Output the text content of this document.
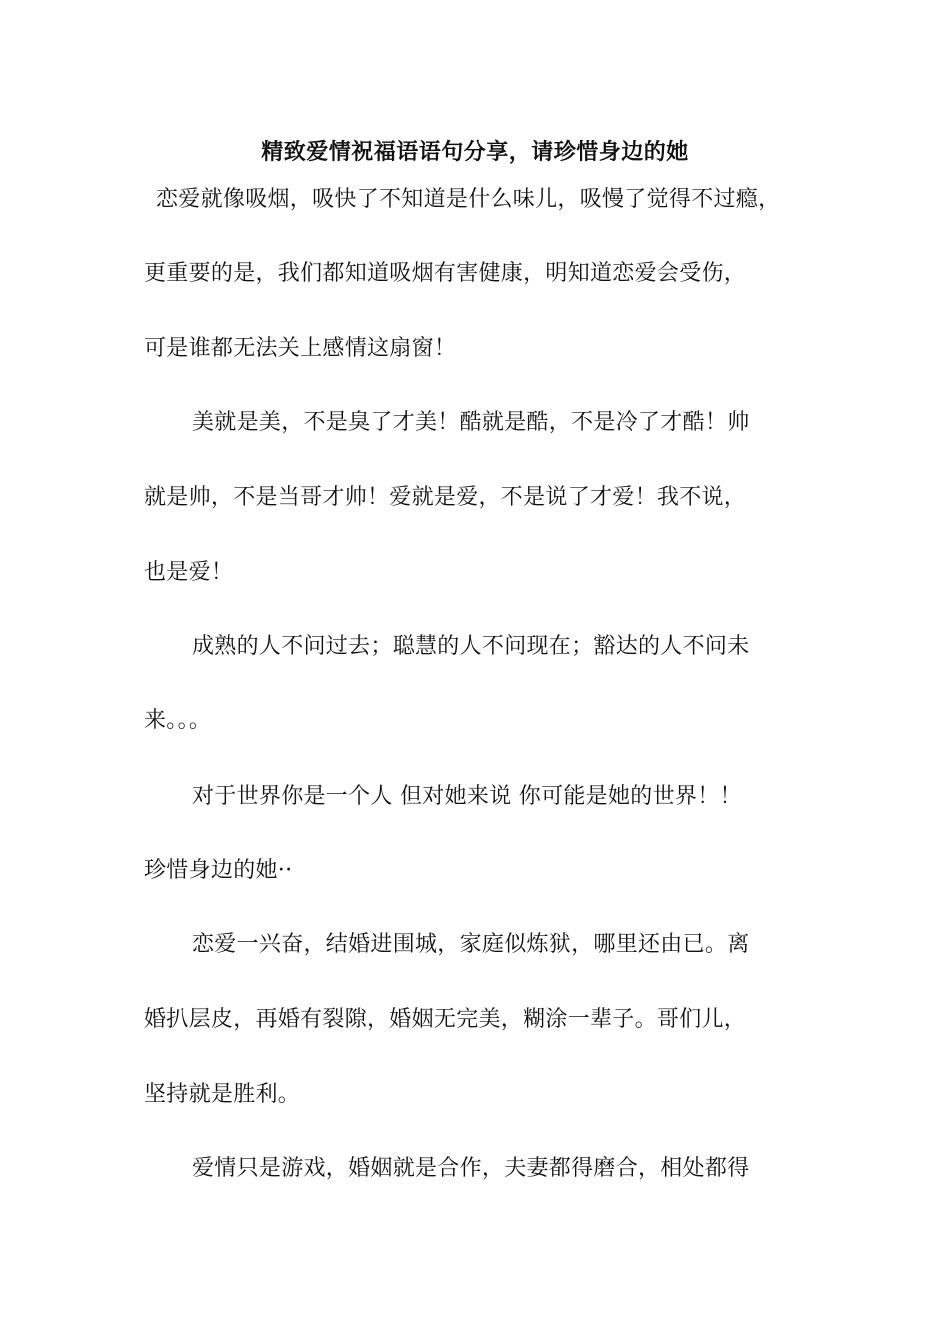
精致爱情祝福语语句分享，请珍惜身边的她

恋爱就像吸烟，吸快了不知道是什么味儿，吸慢了觉得不过瘾，

更重要的是，我们都知道吸烟有害健康，明知道恋爱会受伤，

可是谁都无法关上感情这扇窗！

美就是美，不是臭了才美！酷就是酷，不是冷了才酷！帅

就是帅，不是当哥才帅！爱就是爱，不是说了才爱！我不说，

也是爱！

成熟的人不问过去；聪慧的人不问现在；豁达的人不问未

来。。。

对于世界你是一个人 但对她来说 你可能是她的世界！！

珍惜身边的她··

恋爱一兴奋，结婚进围城，家庭似炼狱，哪里还由已。离

婚扒层皮，再婚有裂隙，婚姻无完美，糊涂一辈子。哥们儿，

坚持就是胜利。

爱情只是游戏，婚姻就是合作，夫妻都得磨合，相处都得
